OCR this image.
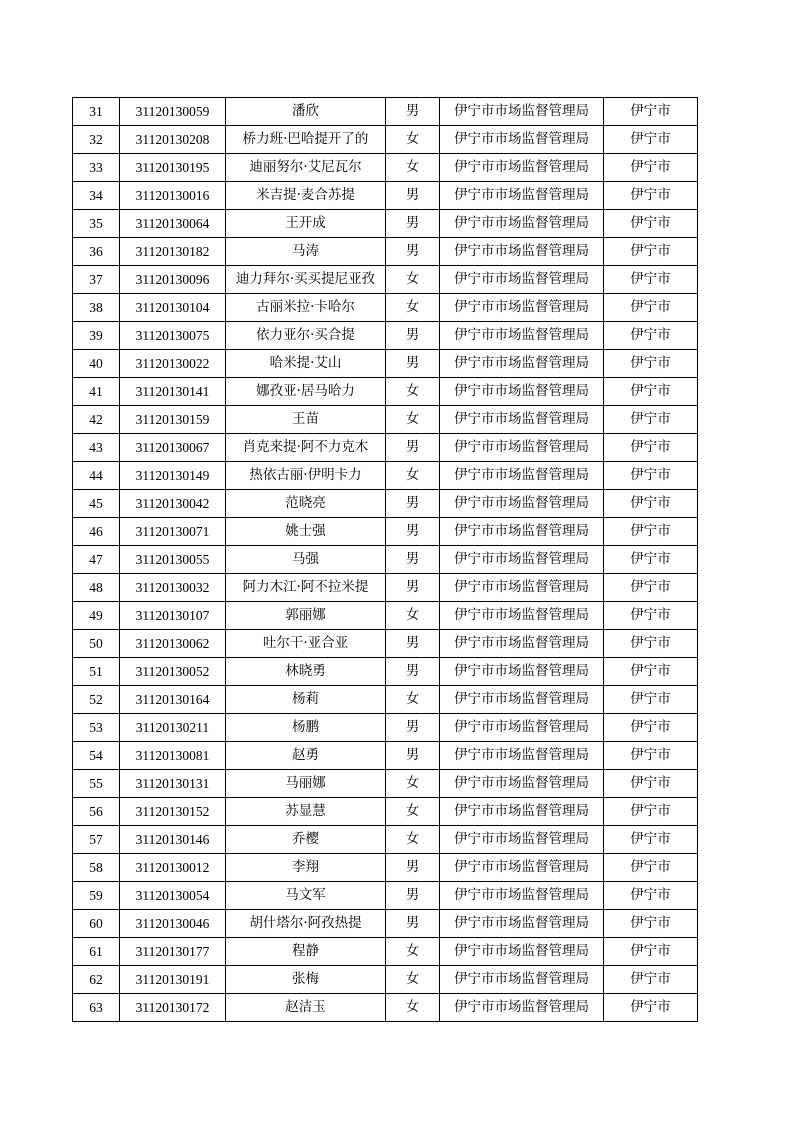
31	31120130059	潘欣	男	伊宁市市场监督管理局	伊宁市
32	31120130208	桥力班·巴哈提开了的	女	伊宁市市场监督管理局	伊宁市
33	31120130195	迪丽努尔·艾尼瓦尔	女	伊宁市市场监督管理局	伊宁市
34	31120130016	米吉提·麦合苏提	男	伊宁市市场监督管理局	伊宁市
35	31120130064	王开成	男	伊宁市市场监督管理局	伊宁市
36	31120130182	马涛	男	伊宁市市场监督管理局	伊宁市
37	31120130096	迪力拜尔·买买提尼亚孜	女	伊宁市市场监督管理局	伊宁市
38	31120130104	古丽米拉·卡哈尔	女	伊宁市市场监督管理局	伊宁市
39	31120130075	依力亚尔·买合提	男	伊宁市市场监督管理局	伊宁市
40	31120130022	哈米提·艾山	男	伊宁市市场监督管理局	伊宁市
41	31120130141	娜孜亚·居马哈力	女	伊宁市市场监督管理局	伊宁市
42	31120130159	王苗	女	伊宁市市场监督管理局	伊宁市
43	31120130067	肖克来提·阿不力克木	男	伊宁市市场监督管理局	伊宁市
44	31120130149	热依古丽·伊明卡力	女	伊宁市市场监督管理局	伊宁市
45	31120130042	范晓亮	男	伊宁市市场监督管理局	伊宁市
46	31120130071	姚士强	男	伊宁市市场监督管理局	伊宁市
47	31120130055	马强	男	伊宁市市场监督管理局	伊宁市
48	31120130032	阿力木江·阿不拉米提	男	伊宁市市场监督管理局	伊宁市
49	31120130107	郭丽娜	女	伊宁市市场监督管理局	伊宁市
50	31120130062	吐尔干·亚合亚	男	伊宁市市场监督管理局	伊宁市
51	31120130052	林晓勇	男	伊宁市市场监督管理局	伊宁市
52	31120130164	杨莉	女	伊宁市市场监督管理局	伊宁市
53	31120130211	杨鹏	男	伊宁市市场监督管理局	伊宁市
54	31120130081	赵勇	男	伊宁市市场监督管理局	伊宁市
55	31120130131	马丽娜	女	伊宁市市场监督管理局	伊宁市
56	31120130152	苏显慧	女	伊宁市市场监督管理局	伊宁市
57	31120130146	乔樱	女	伊宁市市场监督管理局	伊宁市
58	31120130012	李翔	男	伊宁市市场监督管理局	伊宁市
59	31120130054	马文军	男	伊宁市市场监督管理局	伊宁市
60	31120130046	胡什塔尔·阿孜热提	男	伊宁市市场监督管理局	伊宁市
61	31120130177	程静	女	伊宁市市场监督管理局	伊宁市
62	31120130191	张梅	女	伊宁市市场监督管理局	伊宁市
63	31120130172	赵洁玉	女	伊宁市市场监督管理局	伊宁市
